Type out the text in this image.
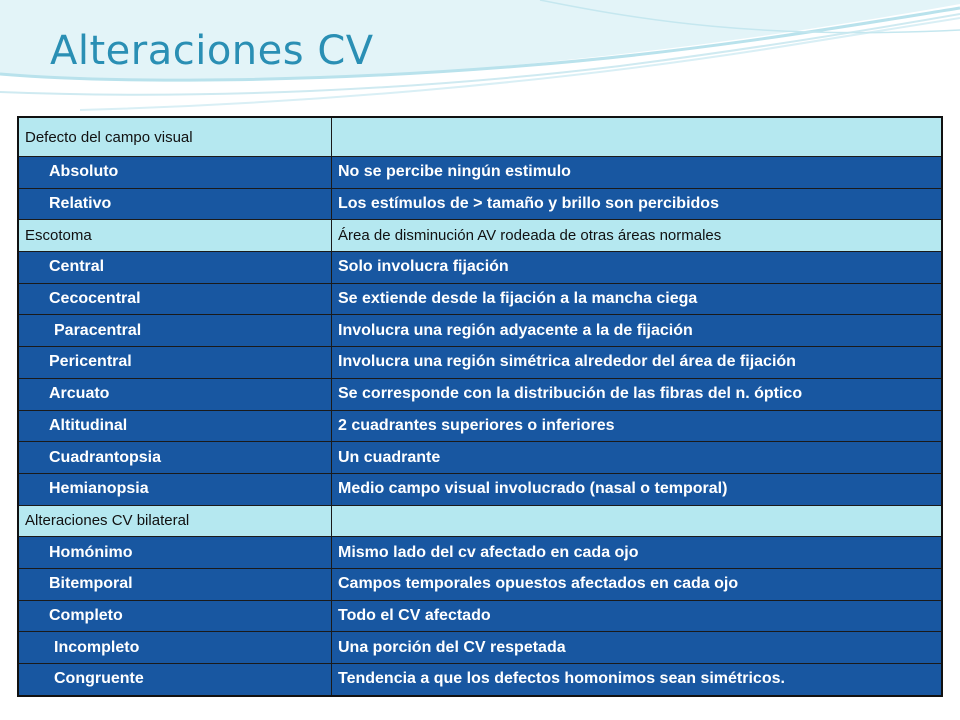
Alteraciones CV
Defecto del campo visual	
Absoluto	No se percibe ningún estimulo
Relativo	Los estímulos de > tamaño y brillo son percibidos
Escotoma	Área de disminución AV rodeada de otras áreas normales
Central	Solo involucra fijación
Cecocentral	Se extiende desde la fijación a la mancha ciega
Paracentral	Involucra una región adyacente a la de fijación
Pericentral	Involucra una región simétrica alrededor del área de fijación
Arcuato	Se corresponde con la distribución de las fibras del n. óptico
Altitudinal	2 cuadrantes superiores o inferiores
Cuadrantopsia	Un cuadrante
Hemianopsia	Medio campo visual involucrado (nasal o temporal)
Alteraciones CV bilateral	
Homónimo	Mismo lado del cv afectado en cada ojo
Bitemporal	Campos temporales opuestos afectados en cada ojo
Completo	Todo el CV afectado
Incompleto	Una porción del CV respetada
Congruente	Tendencia a que los defectos homonimos sean simétricos.
